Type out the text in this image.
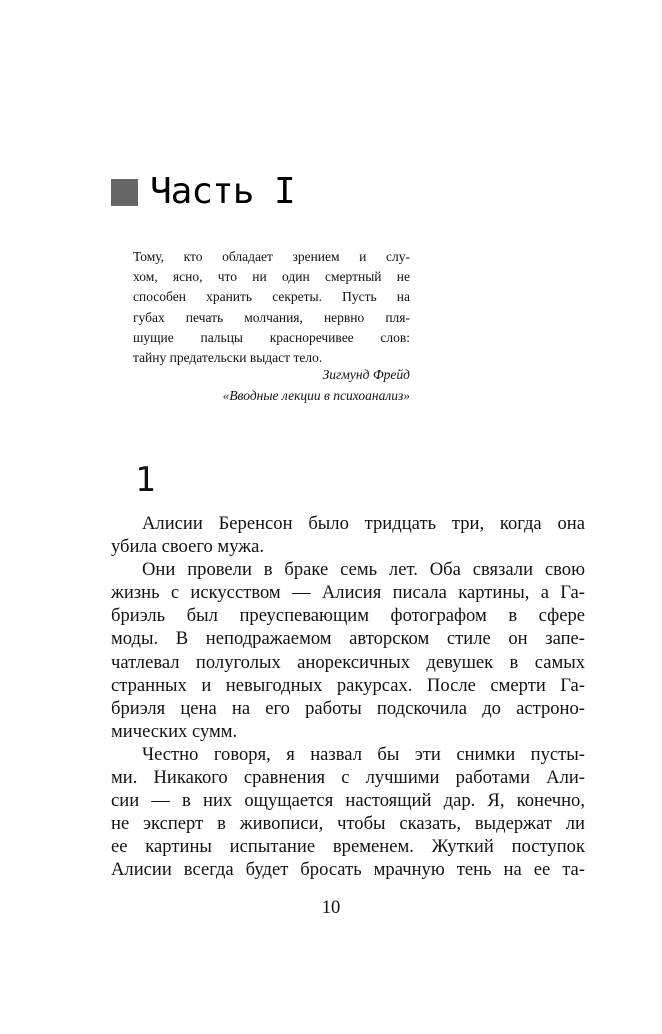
Часть I
Тому, кто обладает зрением и слу-
хом, ясно, что ни один смертный не
способен хранить секреты. Пусть на
губах печать молчания, нервно пля-
шущие пальцы красноречивее слов:
тайну предательски выдаст тело.
Зигмунд Фрейд
«Вводные лекции в психоанализ»
1
Алисии Беренсон было тридцать три, когда она
убила своего мужа.
Они провели в браке семь лет. Оба связали свою
жизнь с искусством — Алисия писала картины, а Га-
бриэль был преуспевающим фотографом в сфере
моды. В неподражаемом авторском стиле он запе-
чатлевал полуголых анорексичных девушек в самых
странных и невыгодных ракурсах. После смерти Га-
бриэля цена на его работы подскочила до астроно-
мических сумм.
Честно говоря, я назвал бы эти снимки пусты-
ми. Никакого сравнения с лучшими работами Али-
сии — в них ощущается настоящий дар. Я, конечно,
не эксперт в живописи, чтобы сказать, выдержат ли
ее картины испытание временем. Жуткий поступок
Алисии всегда будет бросать мрачную тень на ее та-
10
